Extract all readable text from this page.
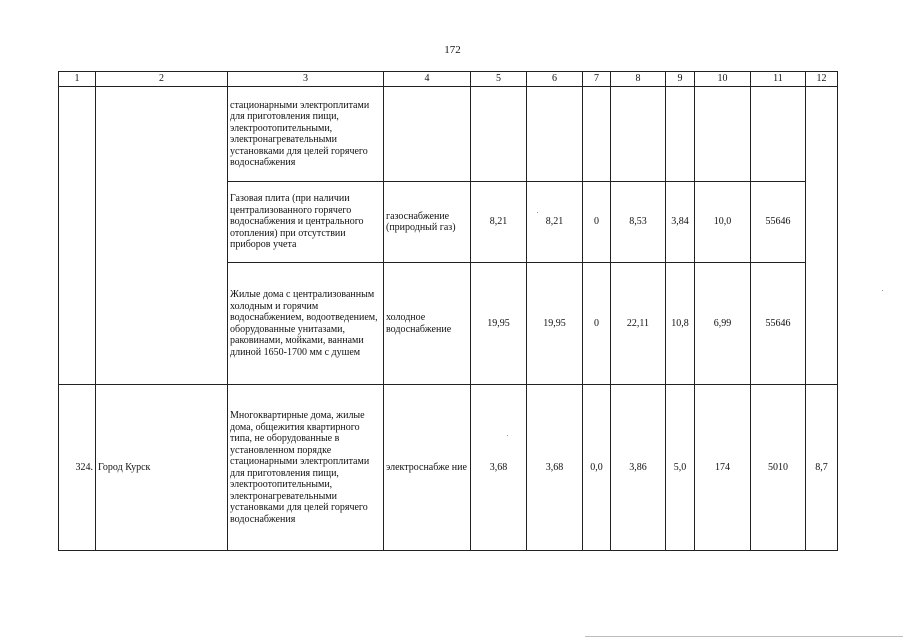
172
1	2	3	4	5	6	7	8	9	10	11	12
		стационарными электроплитами для приготовления пищи, электроотопительными, электронагревательными установками для целей горячего водоснабжения									
		Газовая плита (при наличии централизованного горячего водоснабжения и центрального отопления) при отсутствии приборов учета	газоснабжение (природный газ)	8,21	8,21	0	8,53	3,84	10,0	55646	
		Жилые дома с централизованным холодным и горячим водоснабжением, водоотведением, оборудованные унитазами, раковинами, мойками, ваннами длиной 1650-1700 мм с душем	холодное водоснабжение	19,95	19,95	0	22,11	10,8	6,99	55646	
324.	Город Курск	Многоквартирные дома, жилые дома, общежития квартирного типа, не оборудованные в установленном порядке стационарными электроплитами для приготовления пищи, электроотопительными, электронагревательными установками для целей горячего водоснабжения	электроснабже ние	3,68	3,68	0,0	3,86	5,0	174	5010	8,7
